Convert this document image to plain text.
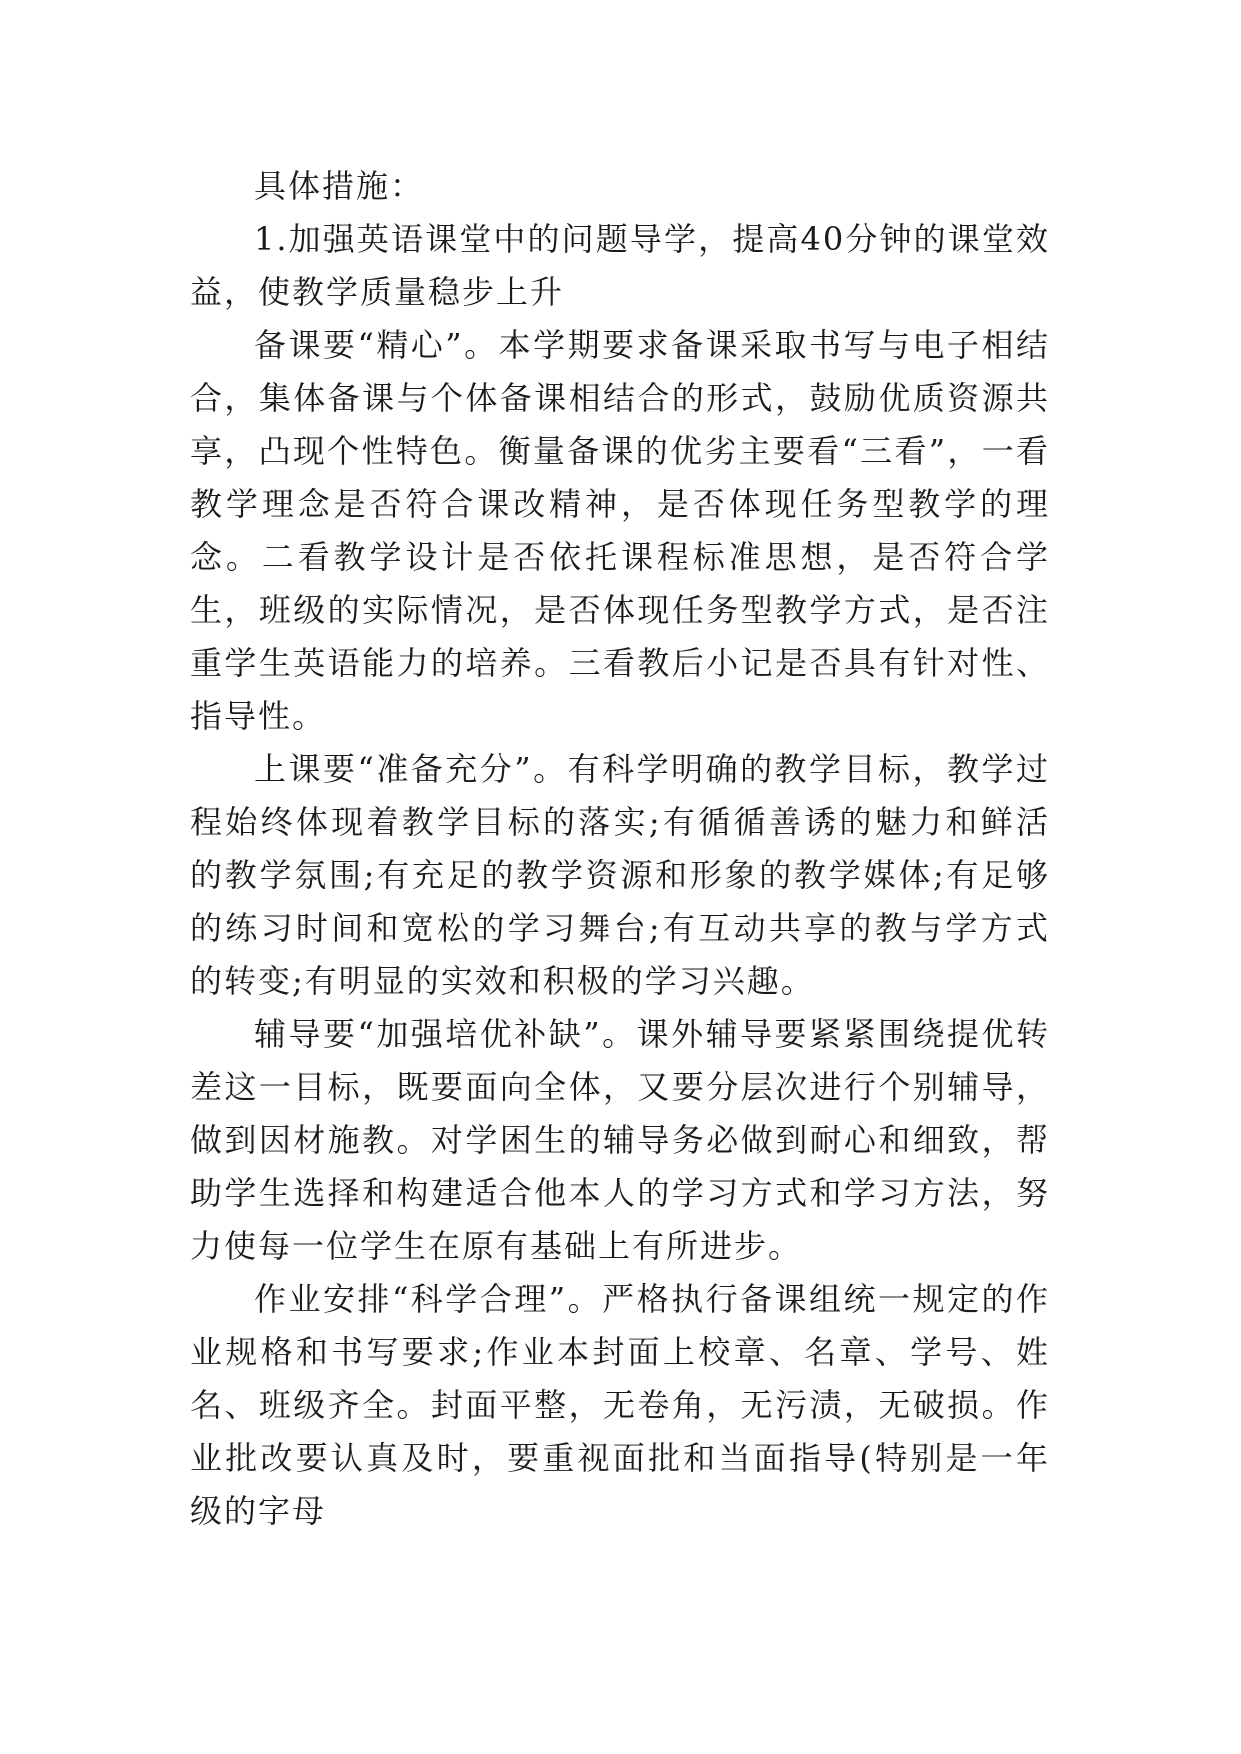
具体措施：

1.加强英语课堂中的问题导学，提高40分钟的课堂效益，使教学质量稳步上升

备课要“精心”。本学期要求备课采取书写与电子相结合，集体备课与个体备课相结合的形式，鼓励优质资源共享，凸现个性特色。衡量备课的优劣主要看“三看”，一看教学理念是否符合课改精神，是否体现任务型教学的理念。二看教学设计是否依托课程标准思想，是否符合学生，班级的实际情况，是否体现任务型教学方式，是否注重学生英语能力的培养。三看教后小记是否具有针对性、指导性。

上课要“准备充分”。有科学明确的教学目标，教学过程始终体现着教学目标的落实;有循循善诱的魅力和鲜活的教学氛围;有充足的教学资源和形象的教学媒体;有足够的练习时间和宽松的学习舞台;有互动共享的教与学方式的转变;有明显的实效和积极的学习兴趣。

辅导要“加强培优补缺”。课外辅导要紧紧围绕提优转差这一目标，既要面向全体，又要分层次进行个别辅导，做到因材施教。对学困生的辅导务必做到耐心和细致，帮助学生选择和构建适合他本人的学习方式和学习方法，努力使每一位学生在原有基础上有所进步。

作业安排“科学合理”。严格执行备课组统一规定的作业规格和书写要求;作业本封面上校章、名章、学号、姓名、班级齐全。封面平整，无卷角，无污渍，无破损。作业批改要认真及时，要重视面批和当面指导(特别是一年级的字母
